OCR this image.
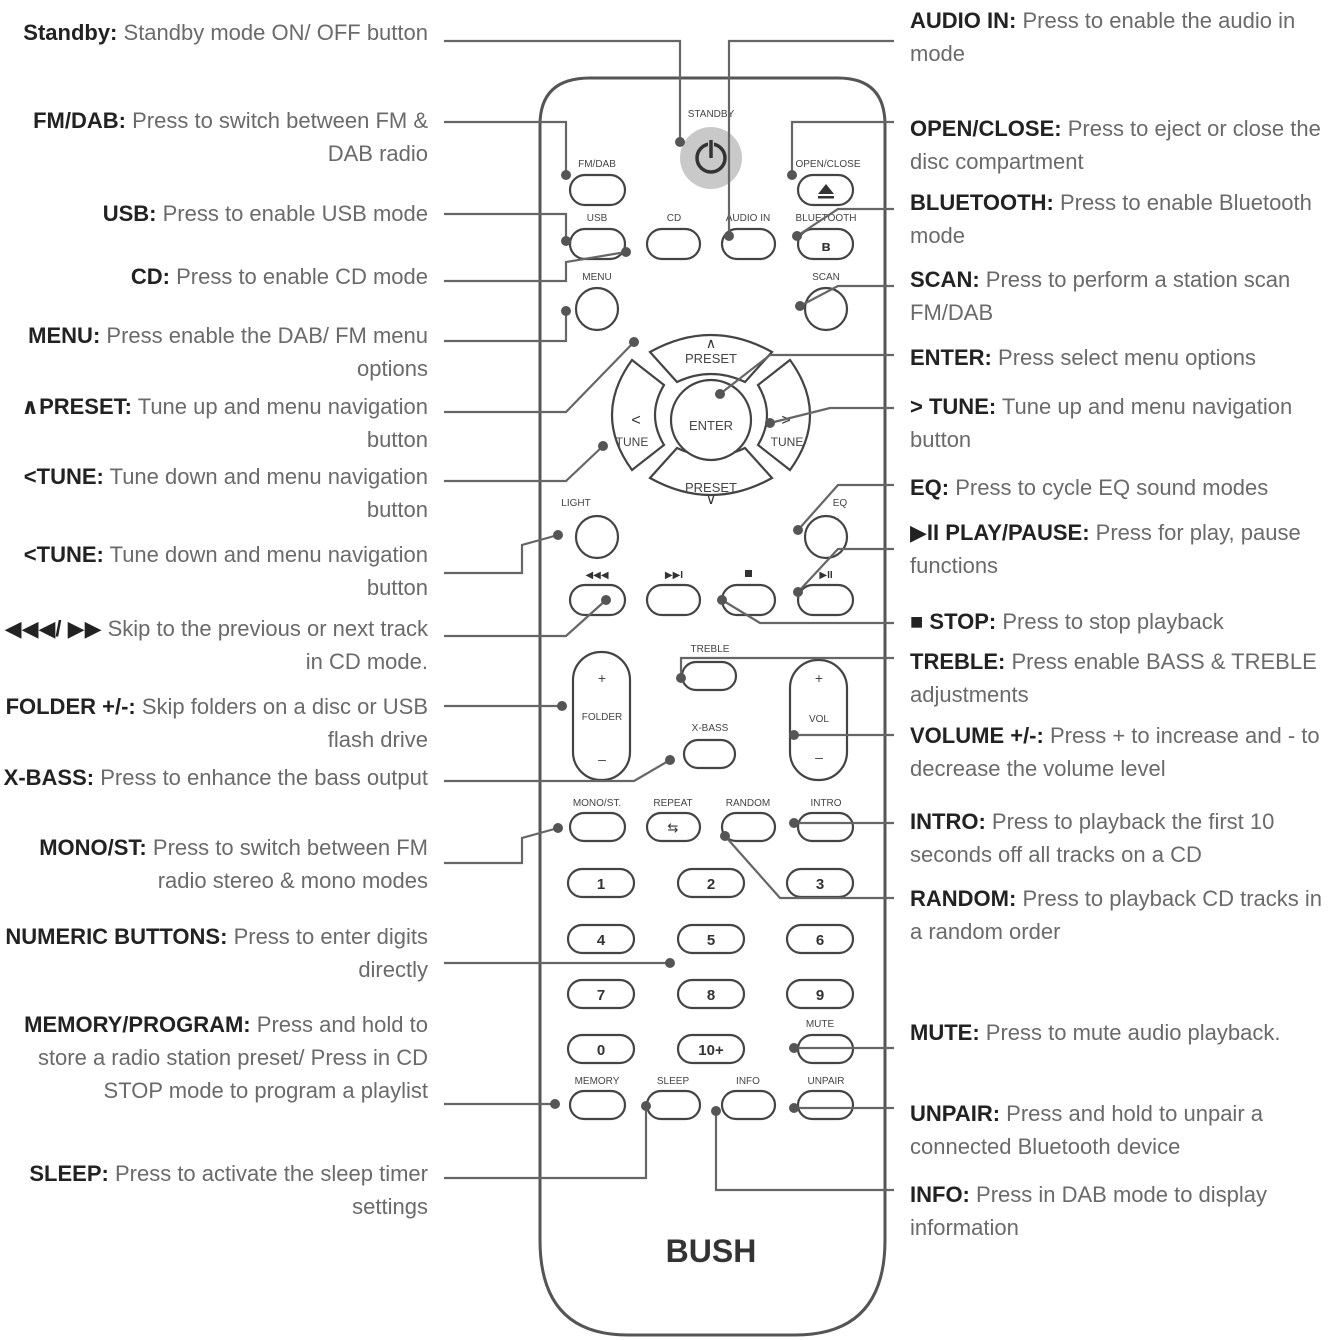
STANDBY
ʙ
◀◀◀	▶▶I	▶II
⇆
∧
∨
<	>
FM/DAB	OPEN/CLOSE
USB	CD	AUDIO IN	BLUETOOTH
MENU	SCAN
PRESET
PRESET
TUNE	TUNE
ENTER
LIGHT	EQ
TREBLE
FOLDER	VOL
X-BASS
MONO/ST.	REPEAT	RANDOM	INTRO
MUTE
MEMORY	SLEEP	INFO	UNPAIR
+
–
+
–
1	2	3
4	5	6
7	8	9
0	10+
BUSH
Standby: Standby mode ON/ OFF button
FM/DAB: Press to switch between FM & DAB radio
USB: Press to enable USB mode
CD: Press to enable CD mode
MENU: Press enable the DAB/ FM menu options
∧PRESET: Tune up and menu navigation button
<TUNE: Tune down and menu navigation button
<TUNE: Tune down and menu navigation button
◀◀◀/ ▶▶ Skip to the previous or next track in CD mode.
FOLDER +/-: Skip folders on a disc or USB flash drive
X-BASS: Press to enhance the bass output
MONO/ST: Press to switch between FM radio stereo & mono modes
NUMERIC BUTTONS: Press to enter digits directly
MEMORY/PROGRAM: Press and hold to store a radio station preset/ Press in CD STOP mode to program a playlist
SLEEP: Press to activate the sleep timer settings
AUDIO IN: Press to enable the audio in mode
OPEN/CLOSE: Press to eject or close the disc compartment
BLUETOOTH: Press to enable Bluetooth mode
SCAN: Press to perform a station scan FM/DAB
ENTER: Press select menu options
> TUNE: Tune up and menu navigation button
EQ: Press to cycle EQ sound modes
▶II PLAY/PAUSE: Press for play, pause functions
■ STOP: Press to stop playback
TREBLE: Press enable BASS & TREBLE adjustments
VOLUME +/-: Press + to increase and - to decrease the volume level
INTRO: Press to playback the first 10 seconds off all tracks on a CD
RANDOM: Press to playback CD tracks in a random order
MUTE: Press to mute audio playback.
UNPAIR: Press and hold to unpair a connected Bluetooth device
INFO: Press in DAB mode to display information
